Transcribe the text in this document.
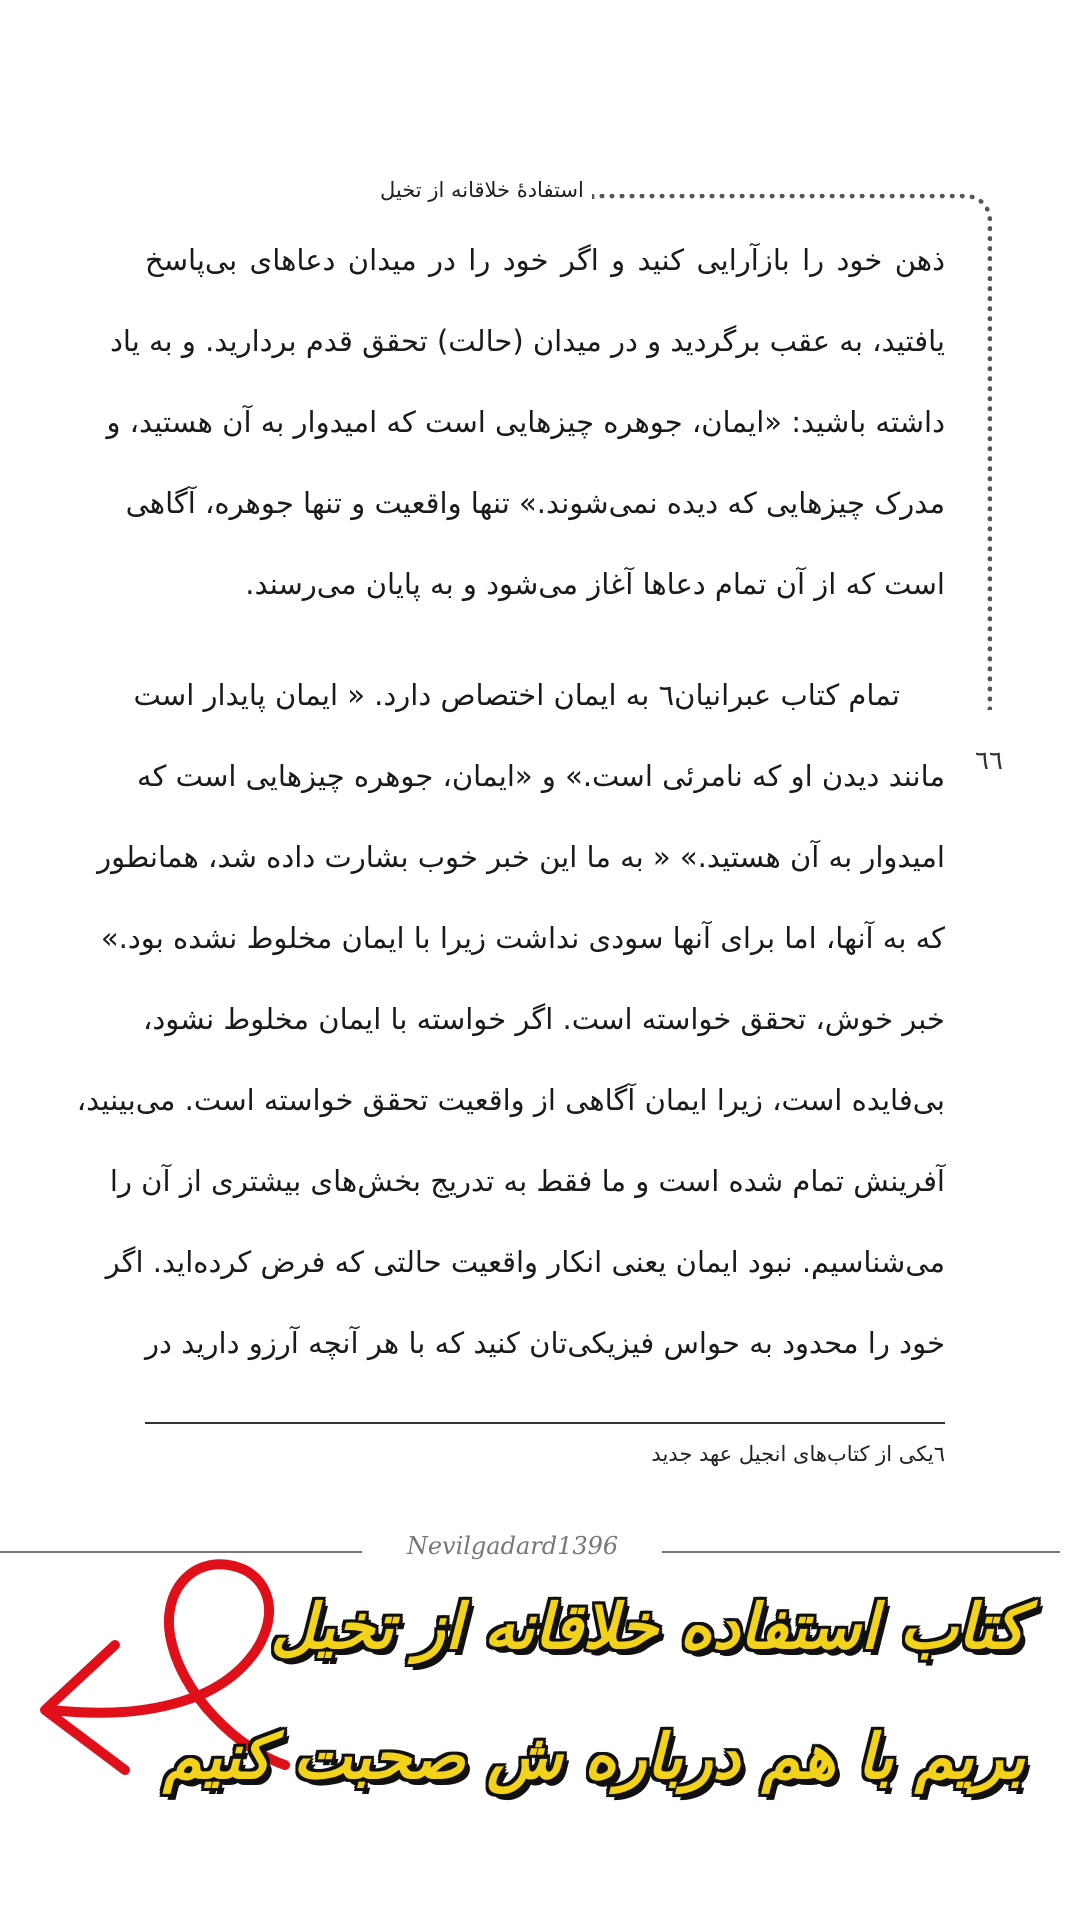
استفادهٔ خلاقانه از تخیل
٦٦
ذهن خود را بازآرایی کنید و اگر خود را در میدان دعاهای بی‌پاسخ
یافتید، به عقب برگردید و در میدان (حالت) تحقق قدم بردارید. و به یاد
داشته باشید: «ایمان، جوهره چیزهایی است که امیدوار به آن هستید، و
مدرک چیزهایی که دیده نمی‌شوند.» تنها واقعیت و تنها جوهره، آگاهی
است که از آن تمام دعاها آغاز می‌شود و به پایان می‌رسند.
تمام کتاب عبرانیان٦ به ایمان اختصاص دارد. « ایمان پایدار است
مانند دیدن او که نامرئی است.» و «ایمان، جوهره چیزهایی است که
امیدوار به آن هستید.» « به ما این خبر خوب بشارت داده شد، همانطور
که به آنها، اما برای آنها سودی نداشت زیرا با ایمان مخلوط نشده بود.»
خبر خوش، تحقق خواسته است. اگر خواسته با ایمان مخلوط نشود،
بی‌فایده است، زیرا ایمان آگاهی از واقعیت تحقق خواسته است. می‌بینید،
آفرینش تمام شده است و ما فقط به تدریج بخش‌های بیشتری از آن را
می‌شناسیم. نبود ایمان یعنی انکار واقعیت حالتی که فرض کرده‌اید. اگر
خود را محدود به حواس فیزیکی‌تان کنید که با هر آنچه آرزو دارید در
٦یکی از کتاب‌های انجیل عهد جدید
Nevilgadard1396
کتاب استفاده خلاقانه از تخیل
بریم با هم درباره ش صحبت کنیم
